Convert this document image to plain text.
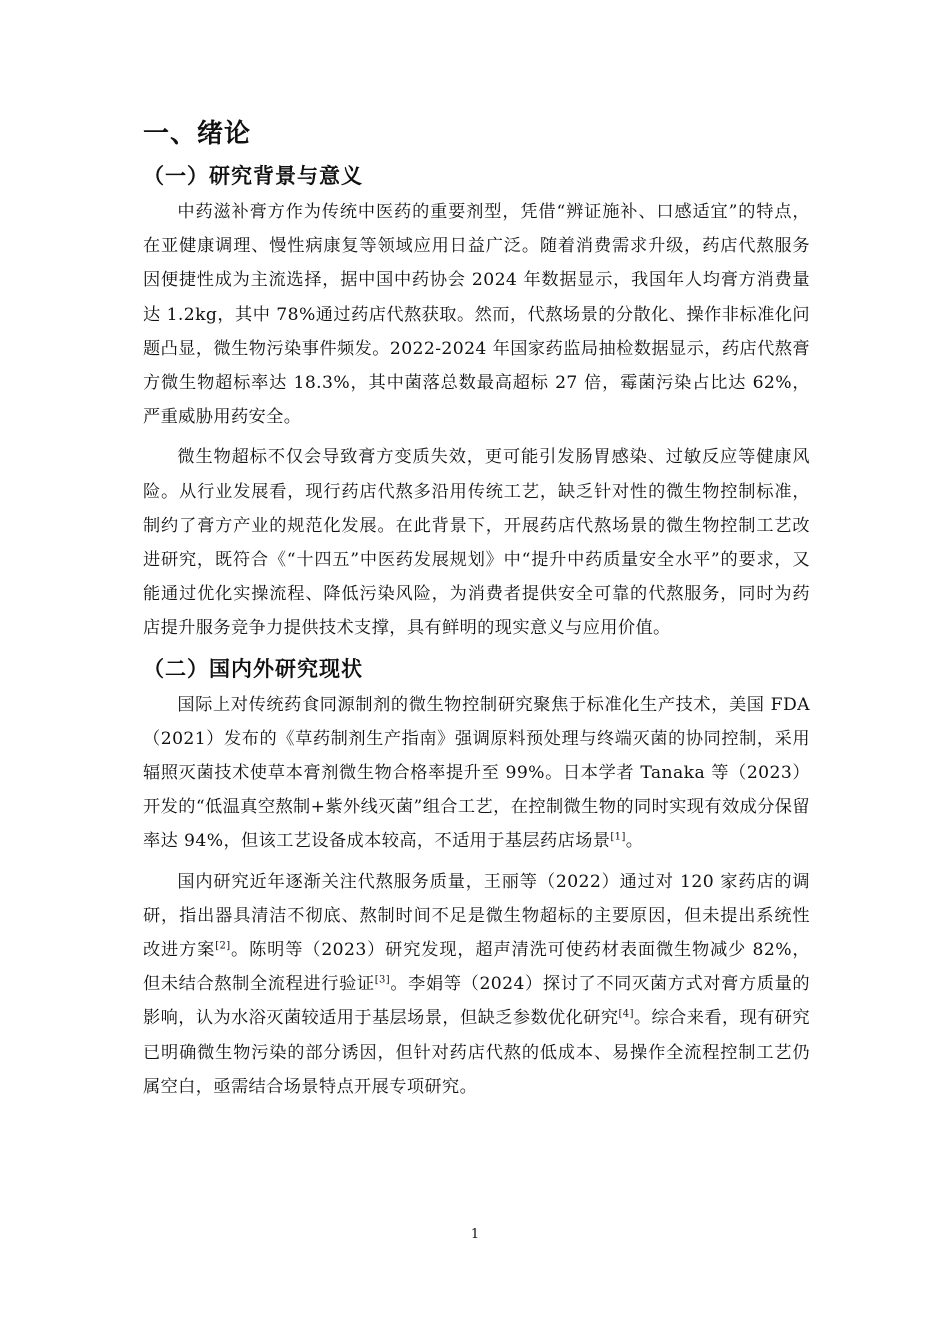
一、绪论
（一）研究背景与意义

中药滋补膏方作为传统中医药的重要剂型，凭借“辨证施补、口感适宜”的特点，在亚健康调理、慢性病康复等领域应用日益广泛。随着消费需求升级，药店代熬服务因便捷性成为主流选择，据中国中药协会 2024 年数据显示，我国年人均膏方消费量达 1.2kg，其中 78%通过药店代熬获取。然而，代熬场景的分散化、操作非标准化问题凸显，微生物污染事件频发。2022-2024 年国家药监局抽检数据显示，药店代熬膏方微生物超标率达 18.3%，其中菌落总数最高超标 27 倍，霉菌污染占比达 62%，严重威胁用药安全。

微生物超标不仅会导致膏方变质失效，更可能引发肠胃感染、过敏反应等健康风险。从行业发展看，现行药店代熬多沿用传统工艺，缺乏针对性的微生物控制标准，制约了膏方产业的规范化发展。在此背景下，开展药店代熬场景的微生物控制工艺改进研究，既符合《“十四五”中医药发展规划》中“提升中药质量安全水平”的要求，又能通过优化实操流程、降低污染风险，为消费者提供安全可靠的代熬服务，同时为药店提升服务竞争力提供技术支撑，具有鲜明的现实意义与应用价值。

（二）国内外研究现状

国际上对传统药食同源制剂的微生物控制研究聚焦于标准化生产技术，美国 FDA（2021）发布的《草药制剂生产指南》强调原料预处理与终端灭菌的协同控制，采用辐照灭菌技术使草本膏剂微生物合格率提升至 99%。日本学者 Tanaka 等（2023）开发的“低温真空熬制+紫外线灭菌”组合工艺，在控制微生物的同时实现有效成分保留率达 94%，但该工艺设备成本较高，不适用于基层药店场景[1]。

国内研究近年逐渐关注代熬服务质量，王丽等（2022）通过对 120 家药店的调研，指出器具清洁不彻底、熬制时间不足是微生物超标的主要原因，但未提出系统性改进方案[2]。陈明等（2023）研究发现，超声清洗可使药材表面微生物减少 82%，但未结合熬制全流程进行验证[3]。李娟等（2024）探讨了不同灭菌方式对膏方质量的影响，认为水浴灭菌较适用于基层场景，但缺乏参数优化研究[4]。综合来看，现有研究已明确微生物污染的部分诱因，但针对药店代熬的低成本、易操作全流程控制工艺仍属空白，亟需结合场景特点开展专项研究。

1
